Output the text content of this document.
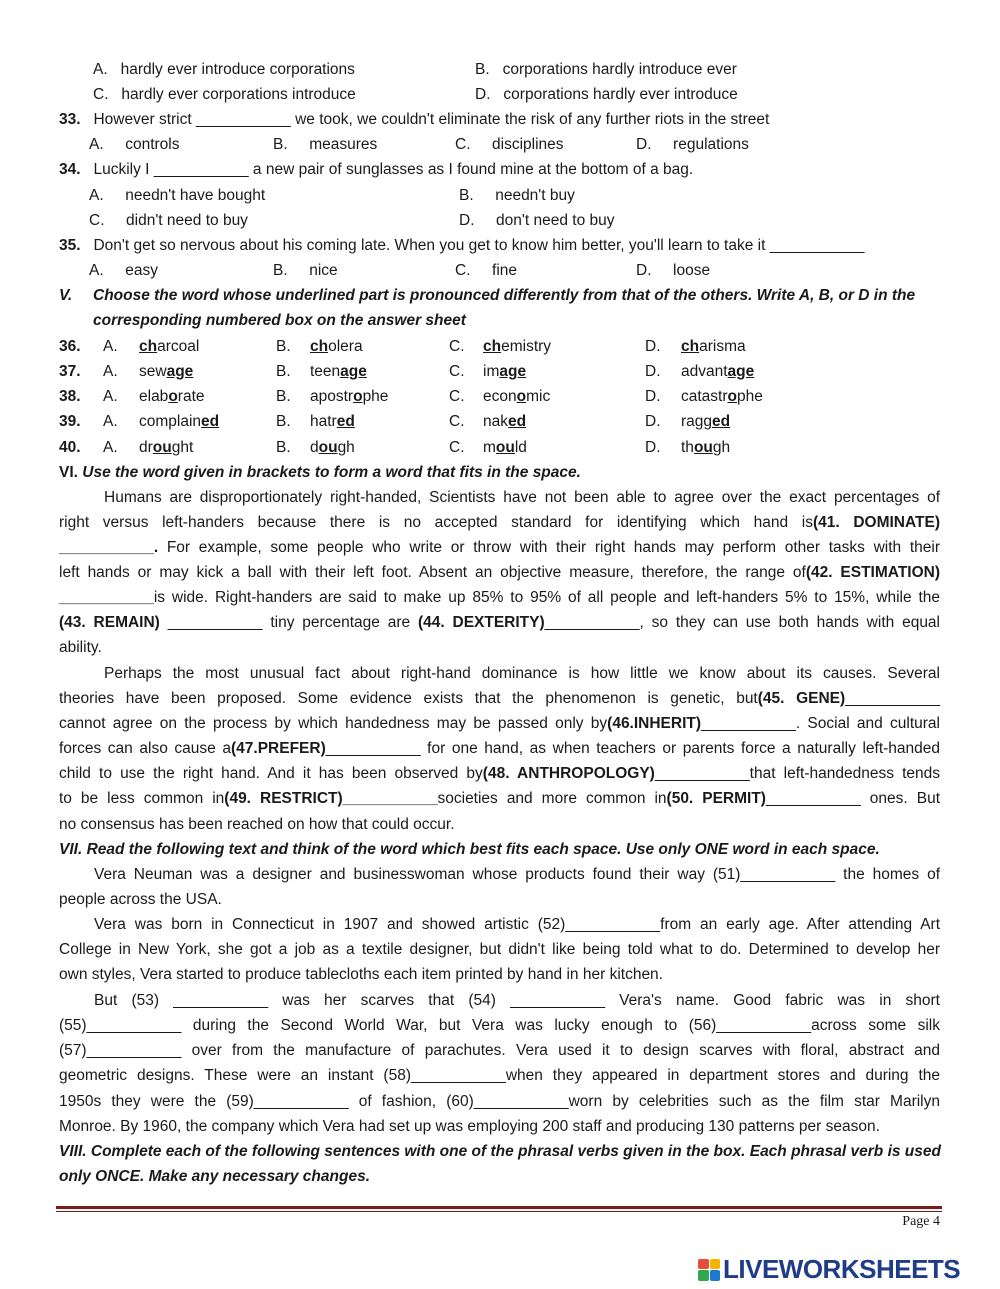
A. hardly ever introduce corporations	B. corporations hardly introduce ever
C. hardly ever corporations introduce	D. corporations hardly ever introduce
33. However strict ___________ we took, we couldn't eliminate the risk of any further riots in the street
A. controls	B. measures	C. disciplines	D. regulations
34. Luckily I ___________ a new pair of sunglasses as I found mine at the bottom of a bag.
A. needn't have bought	B. needn't buy
C. didn't need to buy	D. don't need to buy
35. Don't get so nervous about his coming late. When you get to know him better, you'll learn to take it ___________
A. easy	B. nice	C. fine	D. loose
V. Choose the word whose underlined part is pronounced differently from that of the others. Write A, B, or D in the
corresponding numbered box on the answer sheet
36. A. charcoal	B. cholera	C. chemistry	D. charisma
37. A. sewage	B. teenage	C. image	D. advantage
38. A. elaborate	B. apostrophe	C. economic	D. catastrophe
39. A. complained	B. hatred	C. naked	D. ragged
40. A. drought	B. dough	C. mould	D. though
VI. Use the word given in brackets to form a word that fits in the space.
Humans are disproportionately right-handed, Scientists have not been able to agree over the exact percentages of
right versus left-handers because there is no accepted standard for identifying which hand is(41. DOMINATE)
___________. For example, some people who write or throw with their right hands may perform other tasks with their
left hands or may kick a ball with their left foot. Absent an objective measure, therefore, the range of(42. ESTIMATION)
___________is wide. Right-handers are said to make up 85% to 95% of all people and left-handers 5% to 15%, while the
(43. REMAIN) ___________ tiny percentage are (44. DEXTERITY)___________, so they can use both hands with equal
ability.
Perhaps the most unusual fact about right-hand dominance is how little we know about its causes. Several
theories have been proposed. Some evidence exists that the phenomenon is genetic, but(45. GENE)___________
cannot agree on the process by which handedness may be passed only by(46.INHERIT)___________. Social and cultural
forces can also cause a(47.PREFER)___________ for one hand, as when teachers or parents force a naturally left-handed
child to use the right hand. And it has been observed by(48. ANTHROPOLOGY)___________that left-handedness tends
to be less common in(49. RESTRICT)___________societies and more common in(50. PERMIT)___________ ones. But
no consensus has been reached on how that could occur.
VII. Read the following text and think of the word which best fits each space. Use only ONE word in each space.
Vera Neuman was a designer and businesswoman whose products found their way (51)___________ the homes of
people across the USA.
Vera was born in Connecticut in 1907 and showed artistic (52)___________from an early age. After attending Art
College in New York, she got a job as a textile designer, but didn't like being told what to do. Determined to develop her
own styles, Vera started to produce tablecloths each item printed by hand in her kitchen.
But (53) ___________ was her scarves that (54) ___________ Vera's name. Good fabric was in short
(55)___________ during the Second World War, but Vera was lucky enough to (56)___________across some silk
(57)___________ over from the manufacture of parachutes. Vera used it to design scarves with floral, abstract and
geometric designs. These were an instant (58)___________when they appeared in department stores and during the
1950s they were the (59)___________ of fashion, (60)___________worn by celebrities such as the film star Marilyn
Monroe. By 1960, the company which Vera had set up was employing 200 staff and producing 130 patterns per season.
VIII. Complete each of the following sentences with one of the phrasal verbs given in the box. Each phrasal verb is used
only ONCE. Make any necessary changes.
Page 4
LIVEWORKSHEETS
